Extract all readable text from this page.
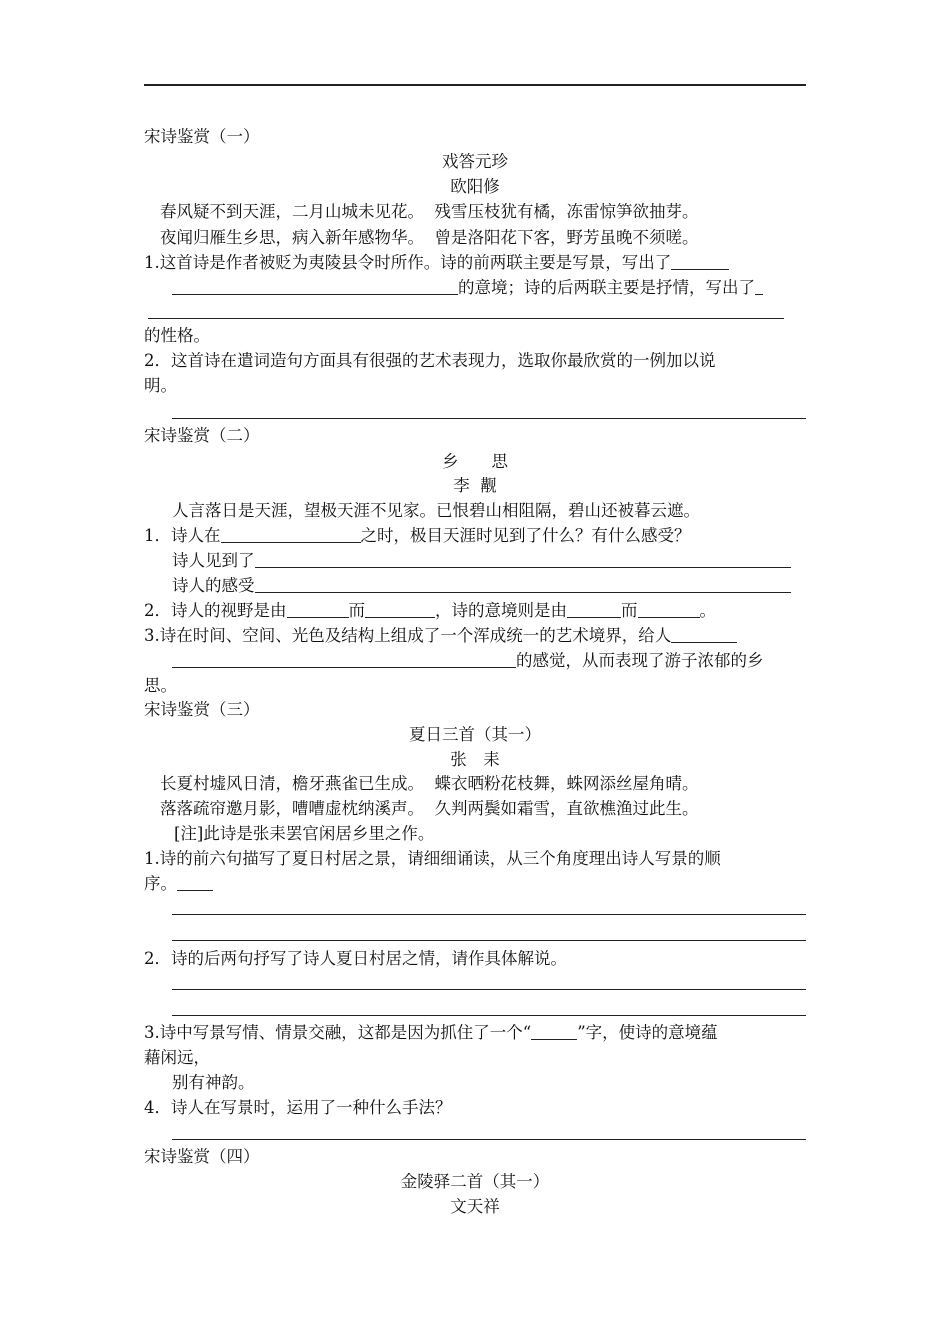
宋诗鉴赏（一）
戏答元珍
欧阳修
春风疑不到天涯，二月山城未见花。  残雪压枝犹有橘，冻雷惊笋欲抽芽。
夜闻归雁生乡思，病入新年感物华。  曾是洛阳花下客，野芳虽晚不须嗟。
1.这首诗是作者被贬为夷陵县令时所作。诗的前两联主要是写景，写出了
的意境；诗的后两联主要是抒情，写出了
的性格。
2．这首诗在遣词造句方面具有很强的艺术表现力，选取你最欣赏的一例加以说
明。
宋诗鉴赏（二）
乡　　思
李  觏
人言落日是天涯，望极天涯不见家。已恨碧山相阻隔，碧山还被暮云遮。
1．诗人在	之时，极目天涯时见到了什么？有什么感受？
诗人见到了
诗人的感受
2．诗人的视野是由	而	，诗的意境则是由	而	。
3.诗在时间、空间、光色及结构上组成了一个浑成统一的艺术境界，给人
的感觉，从而表现了游子浓郁的乡
思。
宋诗鉴赏（三）
夏日三首（其一）
张　耒
长夏村墟风日清，檐牙燕雀已生成。  蝶衣晒粉花枝舞，蛛网添丝屋角晴。
落落疏帘邀月影，嘈嘈虚枕纳溪声。  久判两鬓如霜雪，直欲樵渔过此生。
[注]此诗是张耒罢官闲居乡里之作。
1.诗的前六句描写了夏日村居之景，请细细诵读，从三个角度理出诗人写景的顺
序。
2．诗的后两句抒写了诗人夏日村居之情，请作具体解说。
3.诗中写景写情、情景交融，这都是因为抓住了一个“	”字，使诗的意境蕴
藉闲远，
别有神韵。
4．诗人在写景时，运用了一种什么手法？
宋诗鉴赏（四）
金陵驿二首（其一）
文天祥
